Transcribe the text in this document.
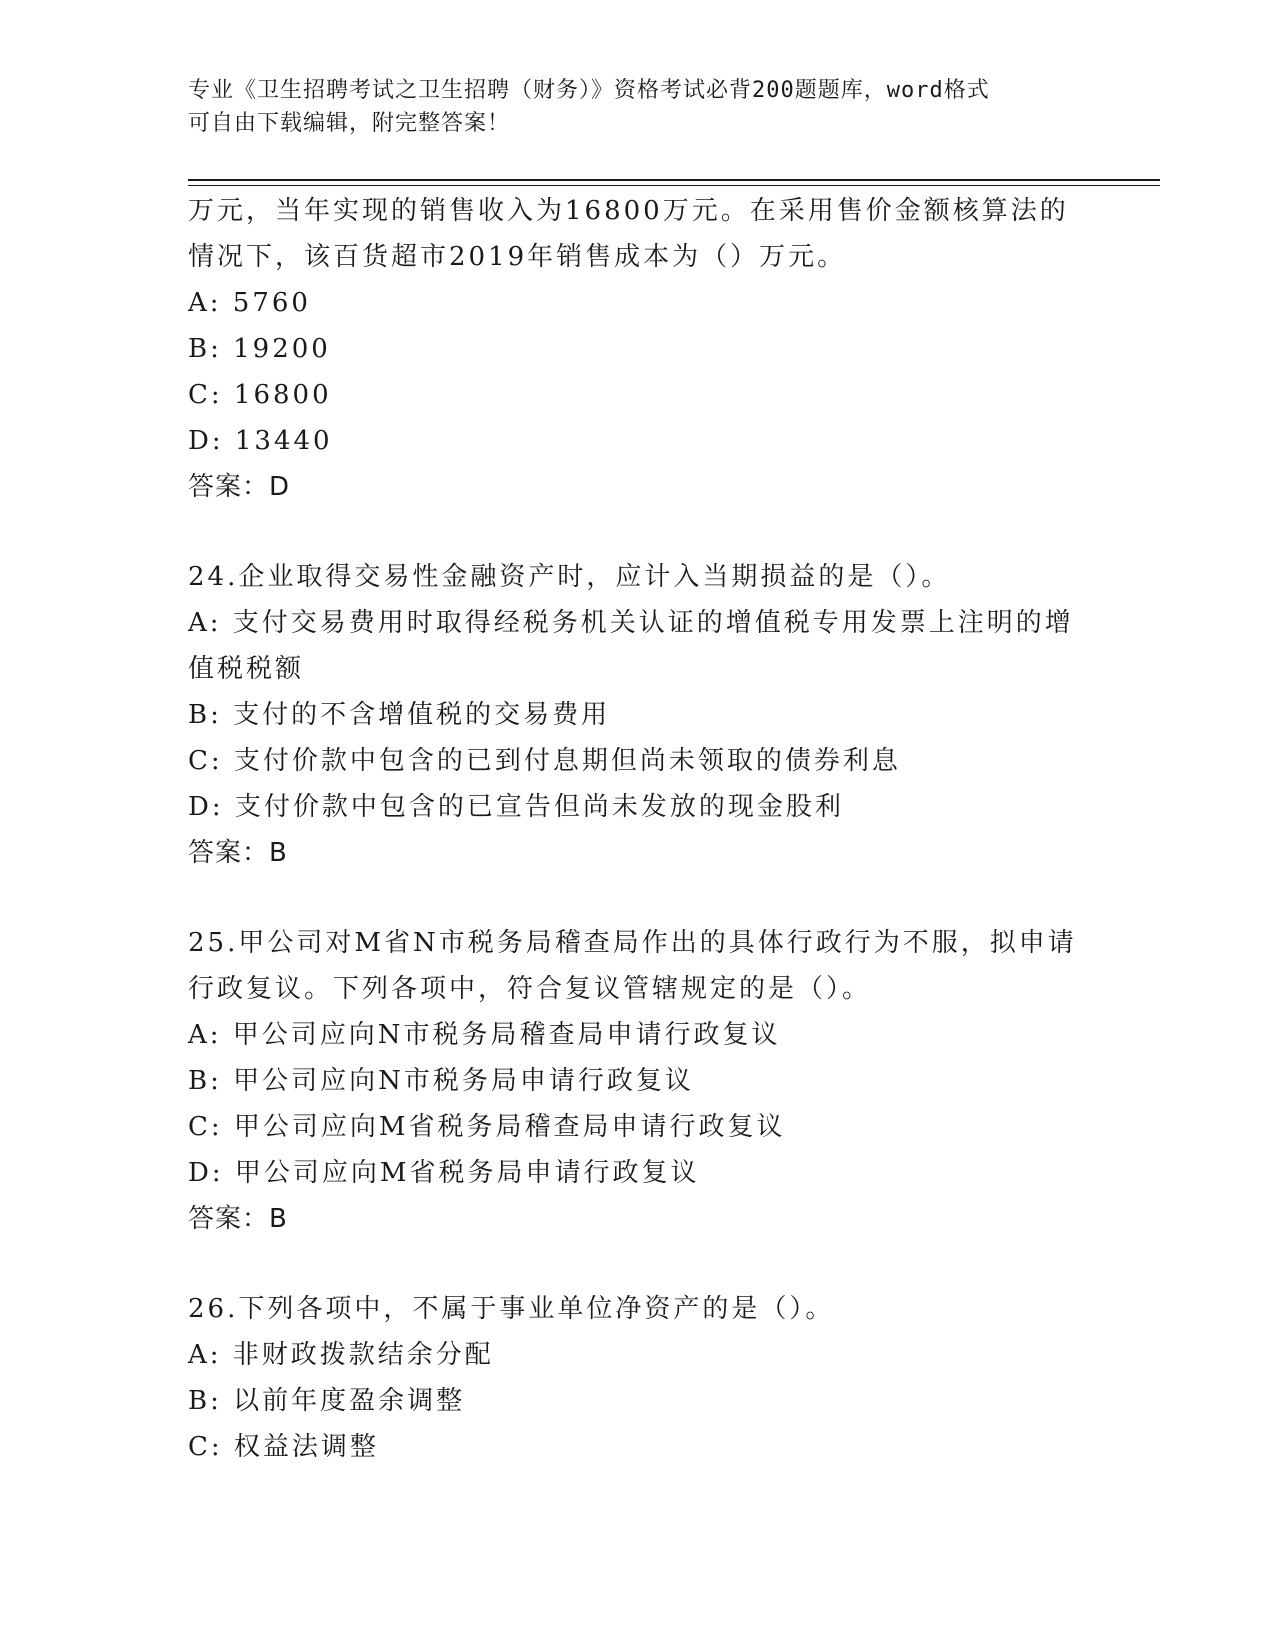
专业《卫生招聘考试之卫生招聘（财务）》资格考试必背200题题库，word格式
可自由下载编辑，附完整答案！
万元，当年实现的销售收入为16800万元。在采用售价金额核算法的
情况下，该百货超市2019年销售成本为（）万元。
A: 5760
B: 19200
C: 16800
D: 13440
答案：D
24.企业取得交易性金融资产时，应计入当期损益的是（）。
A: 支付交易费用时取得经税务机关认证的增值税专用发票上注明的增
值税税额
B: 支付的不含增值税的交易费用
C: 支付价款中包含的已到付息期但尚未领取的债券利息
D: 支付价款中包含的已宣告但尚未发放的现金股利
答案：B
25.甲公司对M省N市税务局稽查局作出的具体行政行为不服，拟申请
行政复议。下列各项中，符合复议管辖规定的是（）。
A: 甲公司应向N市税务局稽查局申请行政复议
B: 甲公司应向N市税务局申请行政复议
C: 甲公司应向M省税务局稽查局申请行政复议
D: 甲公司应向M省税务局申请行政复议
答案：B
26.下列各项中，不属于事业单位净资产的是（）。
A: 非财政拨款结余分配
B: 以前年度盈余调整
C: 权益法调整
